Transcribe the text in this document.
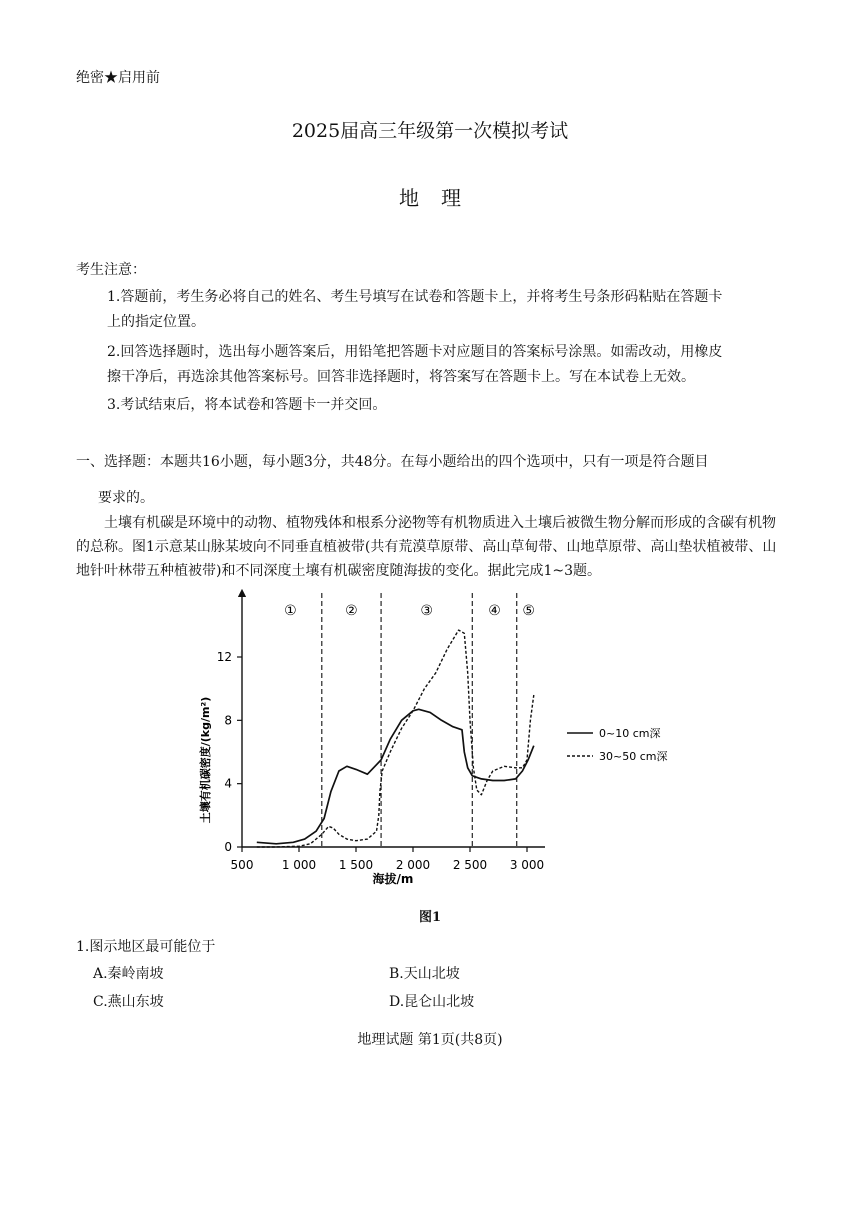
绝密★启用前
2025届高三年级第一次模拟考试
地理
考生注意：
1.答题前，考生务必将自己的姓名、考生号填写在试卷和答题卡上，并将考生号条形码粘贴在答题卡
上的指定位置。
2.回答选择题时，选出每小题答案后，用铅笔把答题卡对应题目的答案标号涂黑。如需改动，用橡皮
擦干净后，再选涂其他答案标号。回答非选择题时，将答案写在答题卡上。写在本试卷上无效。
3.考试结束后，将本试卷和答题卡一并交回。
一、选择题：本题共16小题，每小题3分，共48分。在每小题给出的四个选项中，只有一项是符合题目
要求的。
土壤有机碳是环境中的动物、植物残体和根系分泌物等有机物质进入土壤后被微生物分解而形成的含碳有机物的总称。图1示意某山脉某坡向不同垂直植被带(共有荒漠草原带、高山草甸带、山地草原带、高山垫状植被带、山地针叶林带五种植被带)和不同深度土壤有机碳密度随海拔的变化。据此完成1~3题。
500 1 000 1 500 2 000 2 500 3 000
0
4
8
12
①	②	③	④ ⑤
土壤有机碳密度/(kg/m²)
海拔/m
0~10 cm深
30~50 cm深
图1
1.图示地区最可能位于
A.秦岭南坡	B.天山北坡
C.燕山东坡	D.昆仑山北坡
地理试题 第1页(共8页)
